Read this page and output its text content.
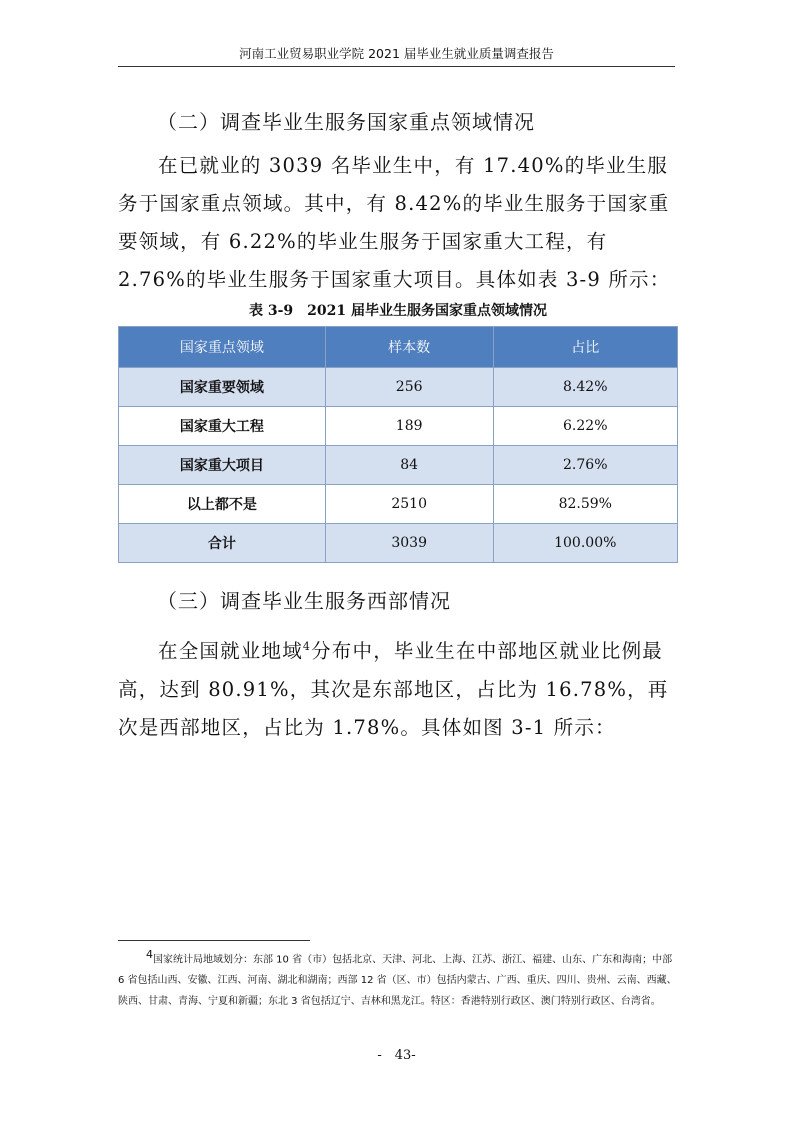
河南工业贸易职业学院 2021 届毕业生就业质量调查报告
（二）调查毕业生服务国家重点领域情况
在已就业的 3039 名毕业生中，有 17.40%的毕业生服务于国家重点领域。其中，有 8.42%的毕业生服务于国家重要领域，有 6.22%的毕业生服务于国家重大工程，有 2.76%的毕业生服务于国家重大项目。具体如表 3-9 所示：
表 3-9　2021 届毕业生服务国家重点领域情况
国家重点领域	样本数	占比
国家重要领域	256	8.42%
国家重大工程	189	6.22%
国家重大项目	84	2.76%
以上都不是	2510	82.59%
合计	3039	100.00%
（三）调查毕业生服务西部情况
在全国就业地域$^4$分布中，毕业生在中部地区就业比例最高，达到 80.91%，其次是东部地区，占比为 16.78%，再次是西部地区，占比为 1.78%。具体如图 3-1 所示：
$^4$国家统计局地域划分：东部 10 省（市）包括北京、天津、河北、上海、江苏、浙江、福建、山东、广东和海南；中部 6 省包括山西、安徽、江西、河南、湖北和湖南；西部 12 省（区、市）包括内蒙古、广西、重庆、四川、贵州、云南、西藏、陕西、甘肃、青海、宁夏和新疆；东北 3 省包括辽宁、吉林和黑龙江。特区：香港特别行政区、澳门特别行政区、台湾省。
-　43-
